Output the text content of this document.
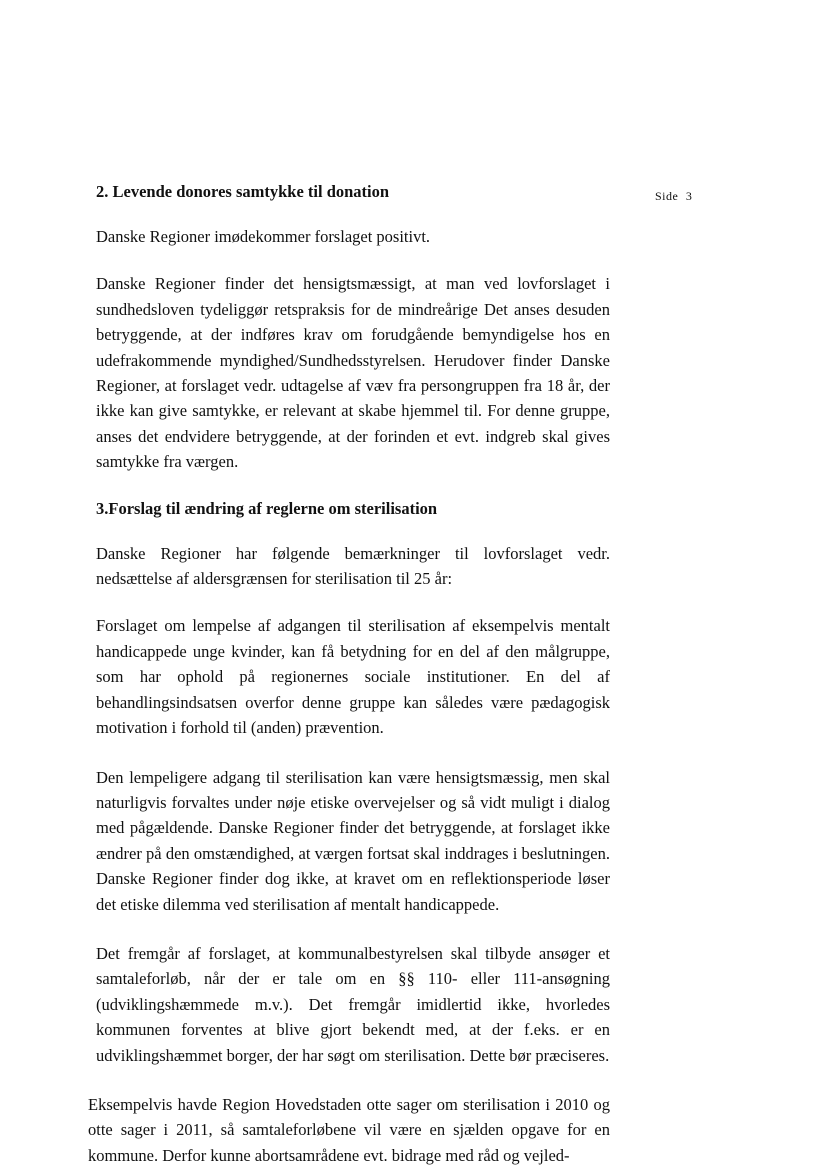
Side 3
2. Levende donores samtykke til donation

Danske Regioner imødekommer forslaget positivt.

Danske Regioner finder det hensigtsmæssigt, at man ved lovforslaget i sundhedsloven tydeliggør retspraksis for de mindreårige Det anses desuden betryggende, at der indføres krav om forudgående bemyndigelse hos en udefrakommende myndighed/Sundhedsstyrelsen. Herudover finder Danske Regioner, at forslaget vedr. udtagelse af væv fra persongruppen fra 18 år, der ikke kan give samtykke, er relevant at skabe hjemmel til. For denne gruppe, anses det endvidere betryggende, at der forinden et evt. indgreb skal gives samtykke fra værgen.

3.Forslag til ændring af reglerne om sterilisation

Danske Regioner har følgende bemærkninger til lovforslaget vedr. nedsættelse af aldersgrænsen for sterilisation til 25 år:

Forslaget om lempelse af adgangen til sterilisation af eksempelvis mentalt handicappede unge kvinder, kan få betydning for en del af den målgruppe, som har ophold på regionernes sociale institutioner. En del af behandlingsindsatsen overfor denne gruppe kan således være pædagogisk motivation i forhold til (anden) prævention.

Den lempeligere adgang til sterilisation kan være hensigtsmæssig, men skal naturligvis forvaltes under nøje etiske overvejelser og så vidt muligt i dialog med pågældende. Danske Regioner finder det betryggende, at forslaget ikke ændrer på den omstændighed, at værgen fortsat skal inddrages i beslutningen. Danske Regioner finder dog ikke, at kravet om en reflektionsperiode løser det etiske dilemma ved sterilisation af mentalt handicappede.

Det fremgår af forslaget, at kommunalbestyrelsen skal tilbyde ansøger et samtaleforløb, når der er tale om en §§ 110- eller 111-ansøgning (udviklingshæmmede m.v.). Det fremgår imidlertid ikke, hvorledes kommunen forventes at blive gjort bekendt med, at der f.eks. er en udviklingshæmmet borger, der har søgt om sterilisation. Dette bør præciseres.

Eksempelvis havde Region Hovedstaden otte sager om sterilisation i 2010 og otte sager i 2011, så samtaleforløbene vil være en sjælden opgave for en kommune. Derfor kunne abortsamrådene evt. bidrage med råd og vejled-
